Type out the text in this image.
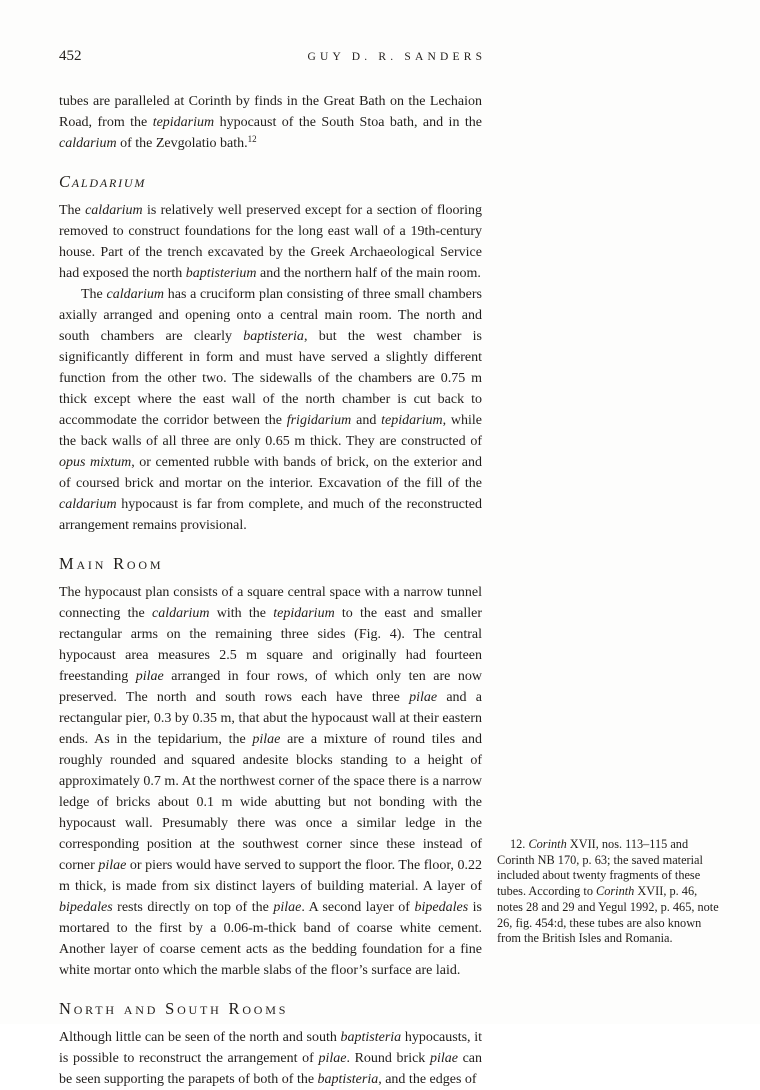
452	GUY D. R. SANDERS

tubes are paralleled at Corinth by finds in the Great Bath on the Lechaion Road, from the tepidarium hypocaust of the South Stoa bath, and in the caldarium of the Zevgolatio bath.$^{12}$

Caldarium

The caldarium is relatively well preserved except for a section of flooring removed to construct foundations for the long east wall of a 19th-century house. Part of the trench excavated by the Greek Archaeological Service had exposed the north baptisterium and the northern half of the main room.

The caldarium has a cruciform plan consisting of three small chambers axially arranged and opening onto a central main room. The north and south chambers are clearly baptisteria, but the west chamber is significantly different in form and must have served a slightly different function from the other two. The sidewalls of the chambers are 0.75 m thick except where the east wall of the north chamber is cut back to accommodate the corridor between the frigidarium and tepidarium, while the back walls of all three are only 0.65 m thick. They are constructed of opus mixtum, or cemented rubble with bands of brick, on the exterior and of coursed brick and mortar on the interior. Excavation of the fill of the caldarium hypocaust is far from complete, and much of the reconstructed arrangement remains provisional.

Main Room

The hypocaust plan consists of a square central space with a narrow tunnel connecting the caldarium with the tepidarium to the east and smaller rectangular arms on the remaining three sides (Fig. 4). The central hypocaust area measures 2.5 m square and originally had fourteen freestanding pilae arranged in four rows, of which only ten are now preserved. The north and south rows each have three pilae and a rectangular pier, 0.3 by 0.35 m, that abut the hypocaust wall at their eastern ends. As in the tepidarium, the pilae are a mixture of round tiles and roughly rounded and squared andesite blocks standing to a height of approximately 0.7 m. At the northwest corner of the space there is a narrow ledge of bricks about 0.1 m wide abutting but not bonding with the hypocaust wall. Presumably there was once a similar ledge in the corresponding position at the southwest corner since these instead of corner pilae or piers would have served to support the floor. The floor, 0.22 m thick, is made from six distinct layers of building material. A layer of bipedales rests directly on top of the pilae. A second layer of bipedales is mortared to the first by a 0.06-m-thick band of coarse white cement. Another layer of coarse cement acts as the bedding foundation for a fine white mortar onto which the marble slabs of the floor’s surface are laid.

North and South Rooms

Although little can be seen of the north and south baptisteria hypocausts, it is possible to reconstruct the arrangement of pilae. Round brick pilae can be seen supporting the parapets of both of the baptisteria, and the edges of

12. Corinth XVII, nos. 113–115 and Corinth NB 170, p. 63; the saved material included about twenty fragments of these tubes. According to Corinth XVII, p. 46, notes 28 and 29 and Yegul 1992, p. 465, note 26, fig. 454:d, these tubes are also known from the British Isles and Romania.
